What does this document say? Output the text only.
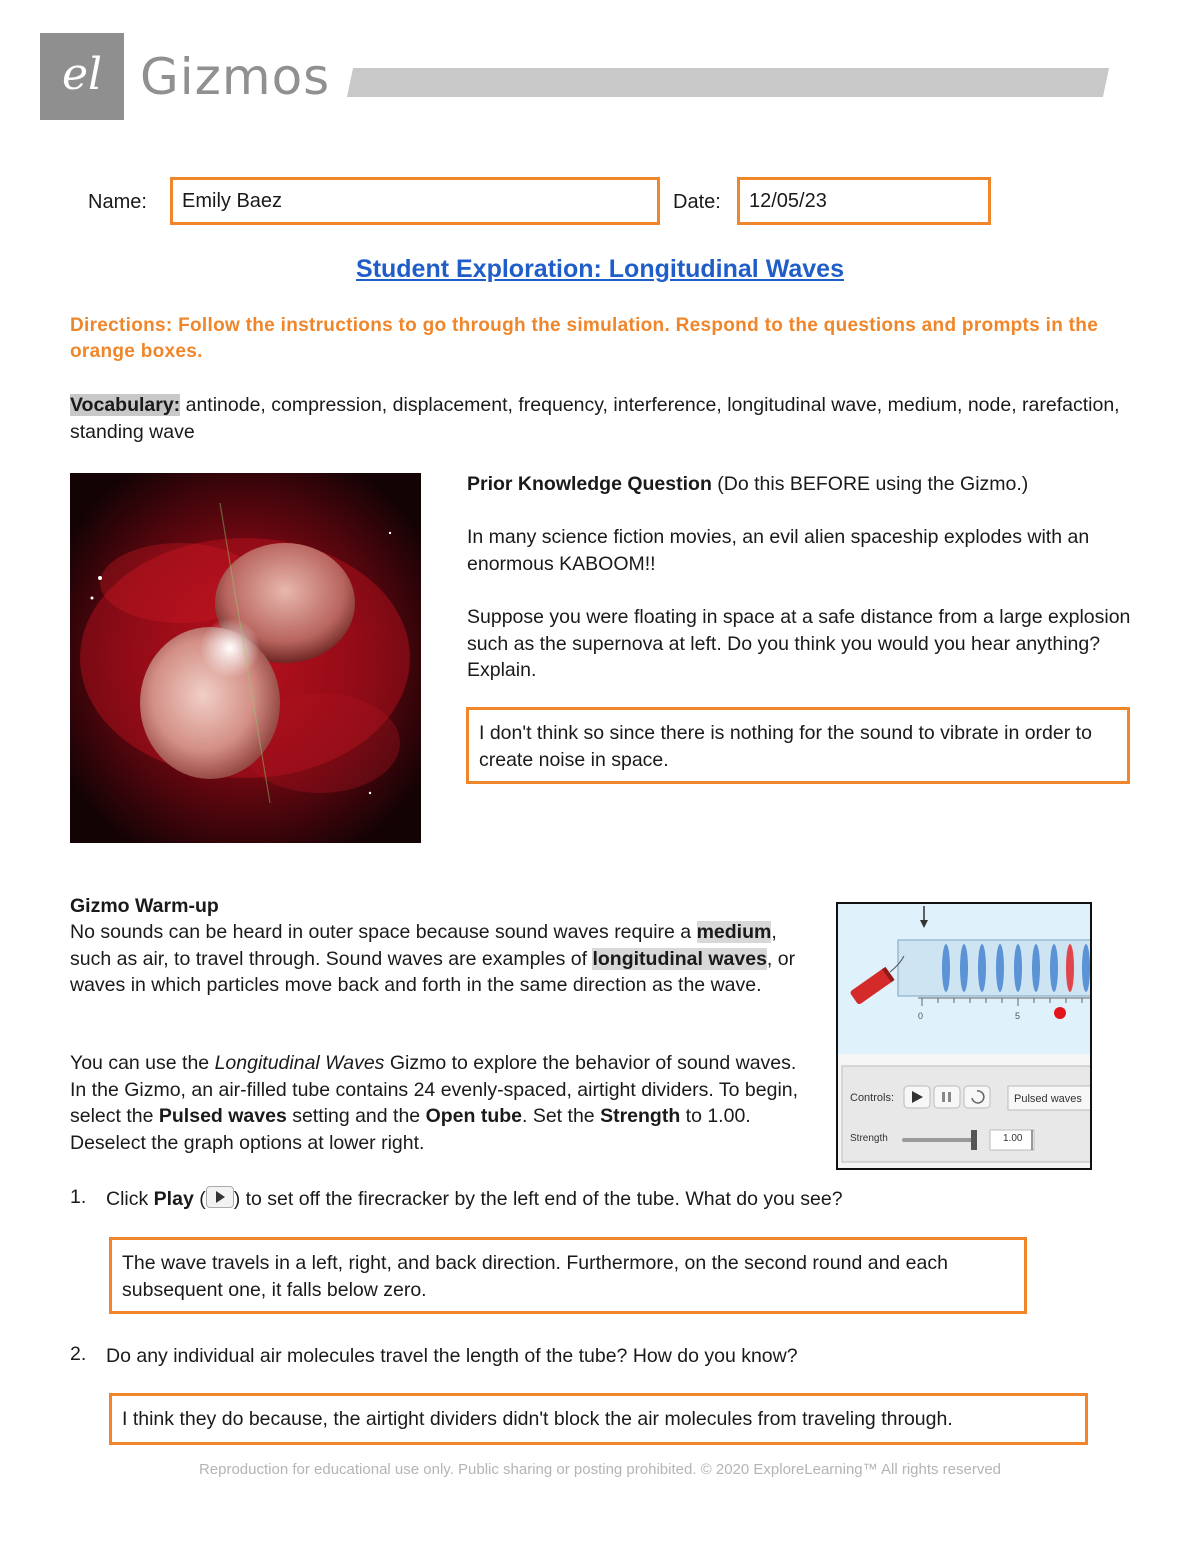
el Gizmos
Name:	Emily Baez	Date:	12/05/23
Student Exploration: Longitudinal Waves
Directions: Follow the instructions to go through the simulation. Respond to the questions and prompts in the orange boxes.
Vocabulary: antinode, compression, displacement, frequency, interference, longitudinal wave, medium, node, rarefaction, standing wave
Prior Knowledge Question (Do this BEFORE using the Gizmo.)
In many science fiction movies, an evil alien spaceship explodes with an enormous KABOOM!!
Suppose you were floating in space at a safe distance from a large explosion such as the supernova at left. Do you think you would you hear anything? Explain.
I don't think so since there is nothing for the sound to vibrate in order to create noise in space.
Gizmo Warm-up
No sounds can be heard in outer space because sound waves require a medium, such as air, to travel through. Sound waves are examples of longitudinal waves, or waves in which particles move back and forth in the same direction as the wave.
You can use the Longitudinal Waves Gizmo to explore the behavior of sound waves. In the Gizmo, an air-filled tube contains 24 evenly-spaced, airtight dividers. To begin, select the Pulsed waves setting and the Open tube. Set the Strength to 1.00. Deselect the graph options at lower right.
0	5
Controls:	Pulsed waves
Strength	1.00
1. Click Play ( ) to set off the firecracker by the left end of the tube. What do you see?
The wave travels in a left, right, and back direction. Furthermore, on the second round and each subsequent one, it falls below zero.
2. Do any individual air molecules travel the length of the tube? How do you know?
I think they do because, the airtight dividers didn't block the air molecules from traveling through.
Reproduction for educational use only. Public sharing or posting prohibited. © 2020 ExploreLearning™ All rights reserved
